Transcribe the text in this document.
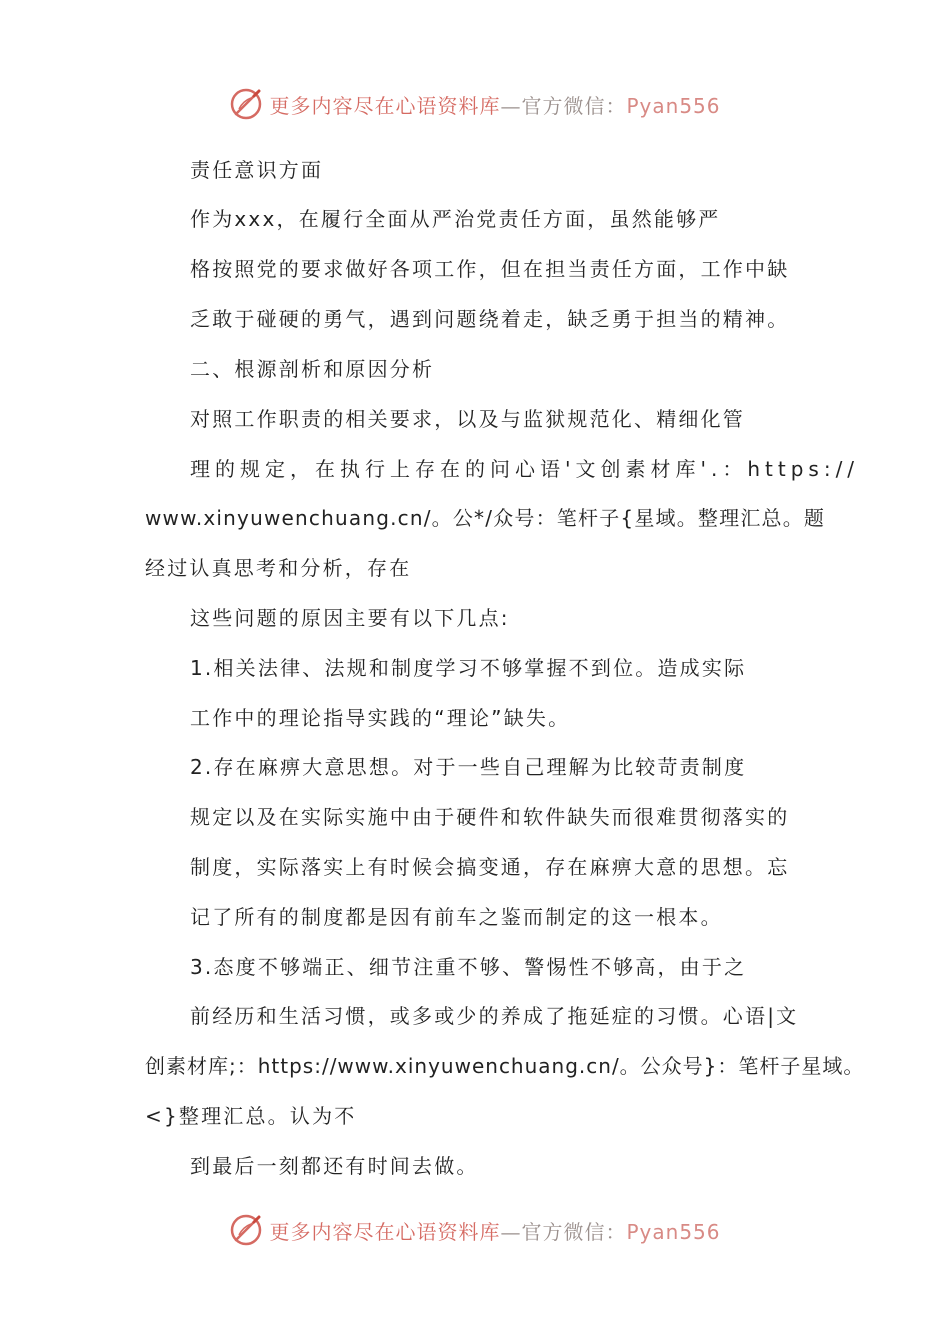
更多内容尽在心语资料库—官方微信：Pyan556
责任意识方面
作为xxx，在履行全面从严治党责任方面，虽然能够严
格按照党的要求做好各项工作，但在担当责任方面，工作中缺
乏敢于碰硬的勇气，遇到问题绕着走，缺乏勇于担当的精神。
二、根源剖析和原因分析
对照工作职责的相关要求，以及与监狱规范化、精细化管
理的规定，在执行上存在的问心语'文创素材库'.：https://
www.xinyuwenchuang.cn/。公*/众号：笔杆子{星域。整理汇总。题
经过认真思考和分析，存在
这些问题的原因主要有以下几点:
1.相关法律、法规和制度学习不够掌握不到位。造成实际
工作中的理论指导实践的“理论”缺失。
2.存在麻痹大意思想。对于一些自己理解为比较苛责制度
规定以及在实际实施中由于硬件和软件缺失而很难贯彻落实的
制度，实际落实上有时候会搞变通，存在麻痹大意的思想。忘
记了所有的制度都是因有前车之鉴而制定的这一根本。
3.态度不够端正、细节注重不够、警惕性不够高，由于之
前经历和生活习惯，或多或少的养成了拖延症的习惯。心语|文
创素材库;：https://www.xinyuwenchuang.cn/。公众号}：笔杆子星域。
<}整理汇总。认为不
到最后一刻都还有时间去做。
更多内容尽在心语资料库—官方微信：Pyan556
